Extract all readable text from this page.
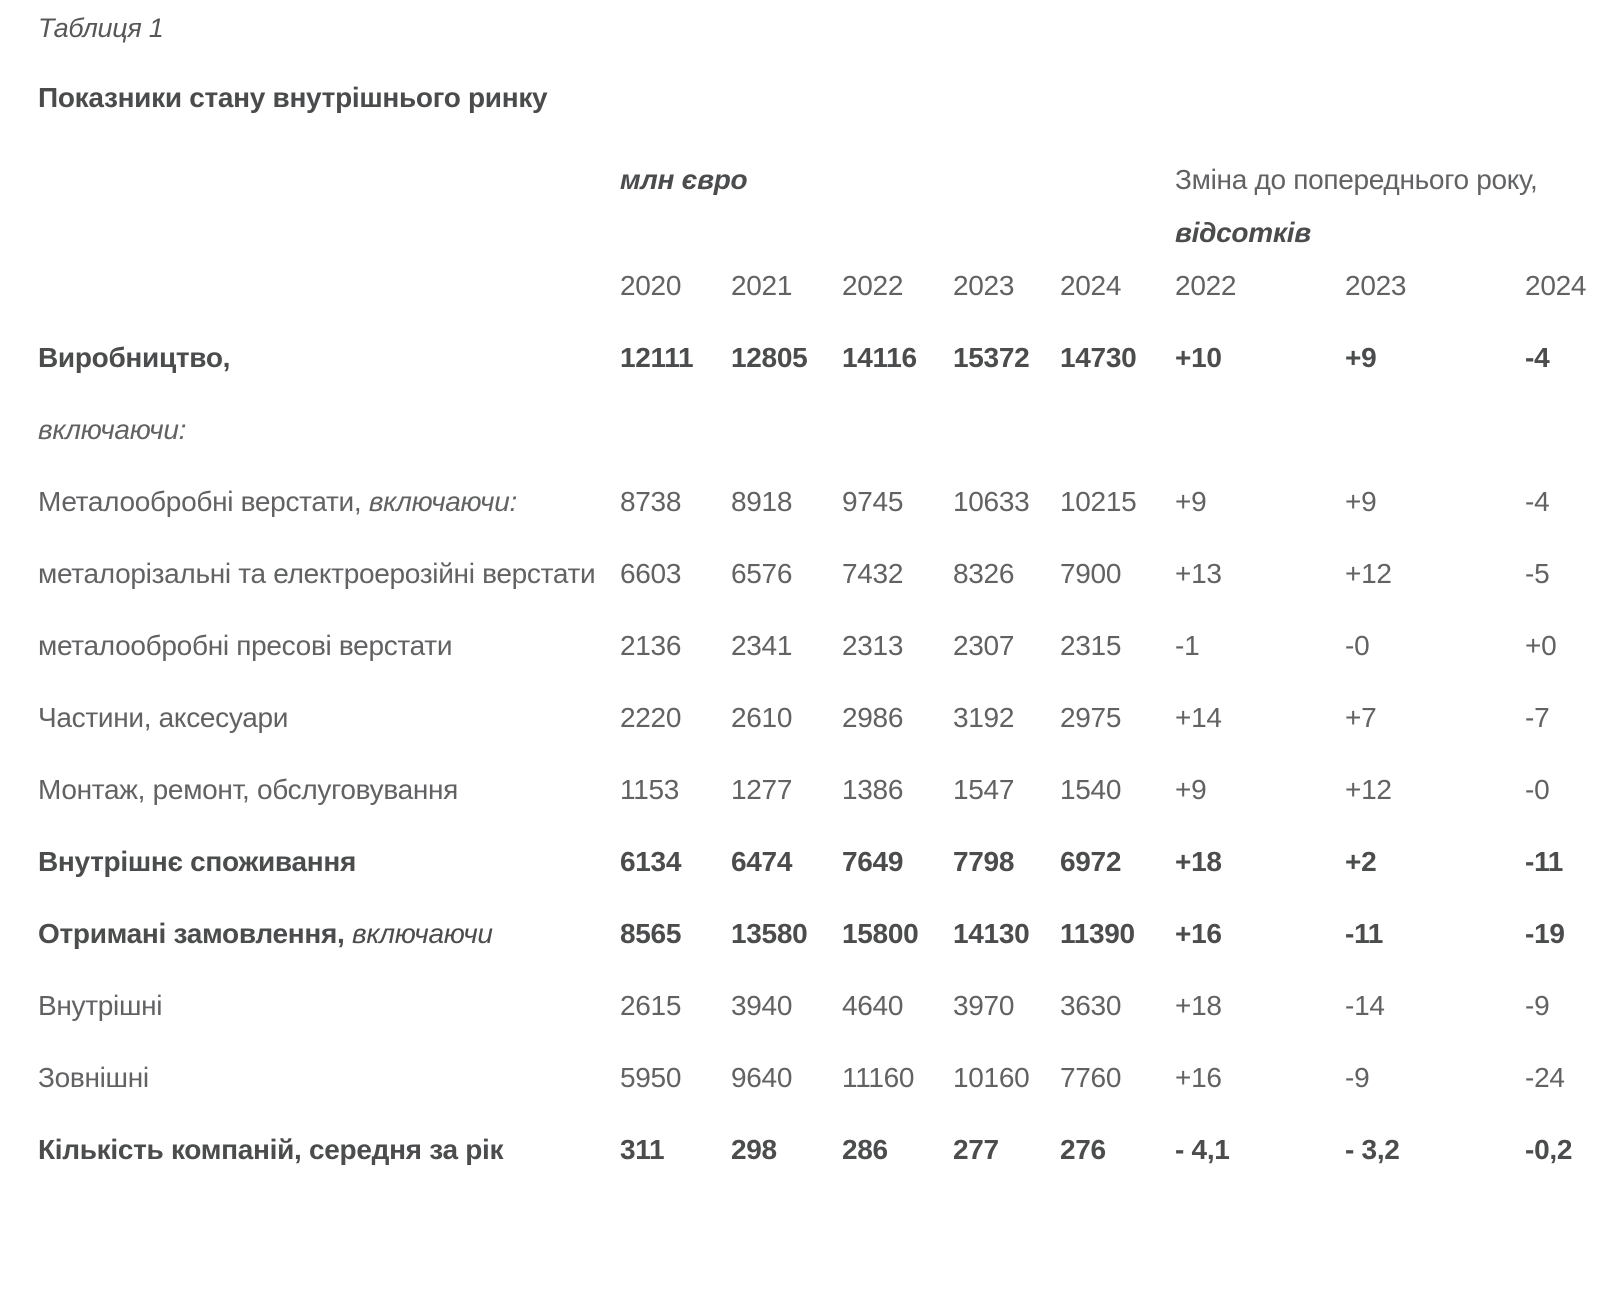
Таблиця 1
Показники стану внутрішнього ринку
	млн євро					Зміна до попереднього року,
відсотків		

	2020	2021	2022	2023	2024	2022	2023	2024
Виробництво,	12111	12805	14116	15372	14730	+10	+9	-4
включаючи:								
Металообробні верстати, включаючи:	8738	8918	9745	10633	10215	+9	+9	-4
металорізальні та електроерозійні верстати	6603	6576	7432	8326	7900	+13	+12	-5
металообробні пресові верстати	2136	2341	2313	2307	2315	-1	-0	+0
Частини, аксесуари	2220	2610	2986	3192	2975	+14	+7	-7
Монтаж, ремонт, обслуговування	1153	1277	1386	1547	1540	+9	+12	-0
Внутрішнє споживання	6134	6474	7649	7798	6972	+18	+2	-11
Отримані замовлення, включаючи	8565	13580	15800	14130	11390	+16	-11	-19
Внутрішні	2615	3940	4640	3970	3630	+18	-14	-9
Зовнішні	5950	9640	11160	10160	7760	+16	-9	-24
Кількість компаній, середня за рік	311	298	286	277	276	- 4,1	- 3,2	-0,2
